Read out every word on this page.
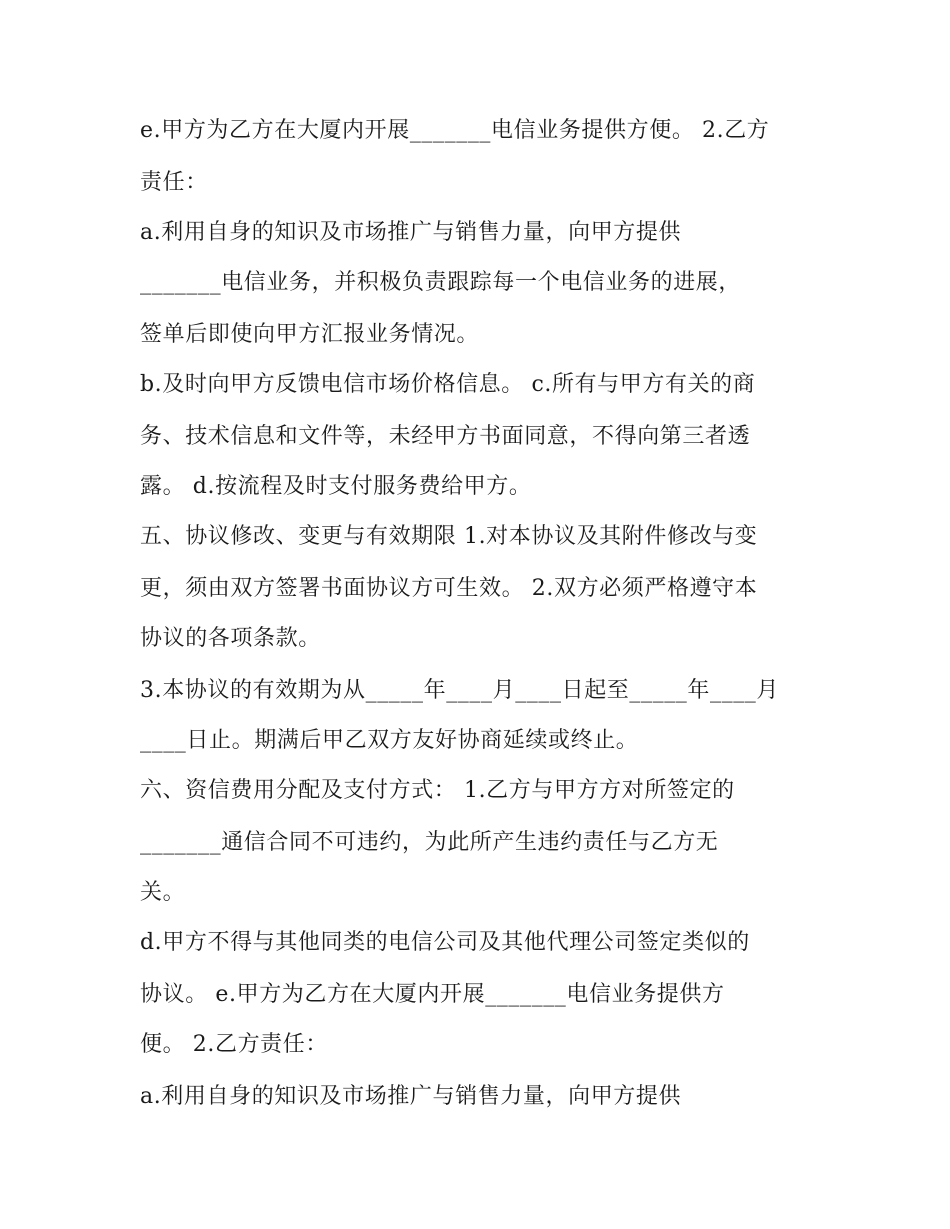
e.甲方为乙方在大厦内开展_______电信业务提供方便。 2.乙方
责任：
a.利用自身的知识及市场推广与销售力量，向甲方提供
_______电信业务，并积极负责跟踪每一个电信业务的进展，
签单后即使向甲方汇报业务情况。
b.及时向甲方反馈电信市场价格信息。 c.所有与甲方有关的商
务、技术信息和文件等，未经甲方书面同意，不得向第三者透
露。 d.按流程及时支付服务费给甲方。
五、协议修改、变更与有效期限 1.对本协议及其附件修改与变
更，须由双方签署书面协议方可生效。 2.双方必须严格遵守本
协议的各项条款。
3.本协议的有效期为从_____年____月____日起至_____年____月
____日止。期满后甲乙双方友好协商延续或终止。
六、资信费用分配及支付方式： 1.乙方与甲方方对所签定的
_______通信合同不可违约，为此所产生违约责任与乙方无
关。
d.甲方不得与其他同类的电信公司及其他代理公司签定类似的
协议。 e.甲方为乙方在大厦内开展_______电信业务提供方
便。 2.乙方责任：
a.利用自身的知识及市场推广与销售力量，向甲方提供
